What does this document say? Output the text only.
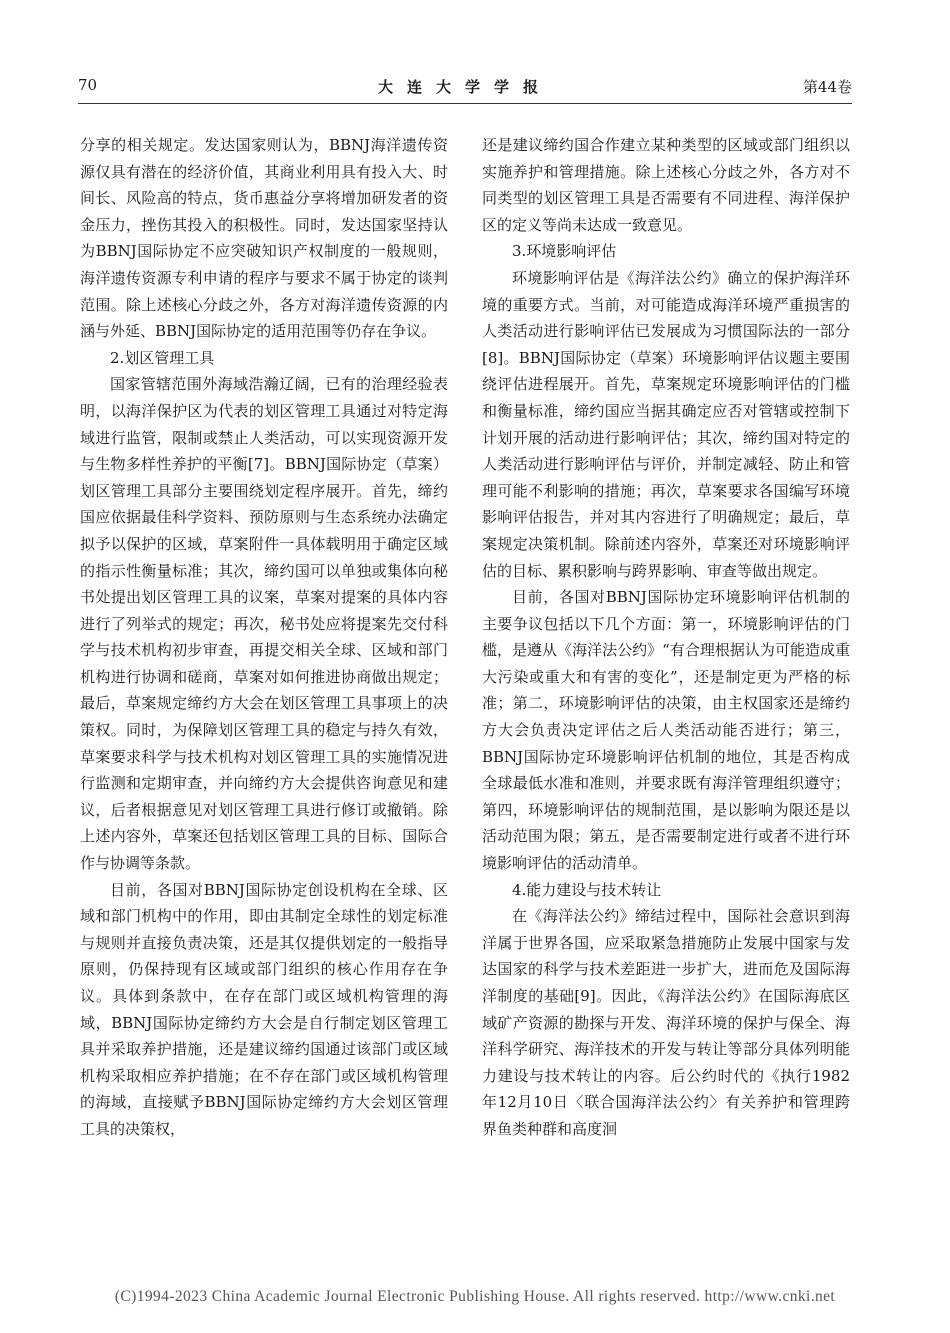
70	大连大学学报	第44卷

分享的相关规定。发达国家则认为，BBNJ海洋遗传资源仅具有潜在的经济价值，其商业利用具有投入大、时间长、风险高的特点，货币惠益分享将增加研发者的资金压力，挫伤其投入的积极性。同时，发达国家坚持认为BBNJ国际协定不应突破知识产权制度的一般规则，海洋遗传资源专利申请的程序与要求不属于协定的谈判范围。除上述核心分歧之外，各方对海洋遗传资源的内涵与外延、BBNJ国际协定的适用范围等仍存在争议。

2.划区管理工具

国家管辖范围外海域浩瀚辽阔，已有的治理经验表明，以海洋保护区为代表的划区管理工具通过对特定海域进行监管，限制或禁止人类活动，可以实现资源开发与生物多样性养护的平衡[7]。BBNJ国际协定（草案）划区管理工具部分主要围绕划定程序展开。首先，缔约国应依据最佳科学资料、预防原则与生态系统办法确定拟予以保护的区域，草案附件一具体载明用于确定区域的指示性衡量标准；其次，缔约国可以单独或集体向秘书处提出划区管理工具的议案，草案对提案的具体内容进行了列举式的规定；再次，秘书处应将提案先交付科学与技术机构初步审查，再提交相关全球、区域和部门机构进行协调和磋商，草案对如何推进协商做出规定；最后，草案规定缔约方大会在划区管理工具事项上的决策权。同时，为保障划区管理工具的稳定与持久有效，草案要求科学与技术机构对划区管理工具的实施情况进行监测和定期审查，并向缔约方大会提供咨询意见和建议，后者根据意见对划区管理工具进行修订或撤销。除上述内容外，草案还包括划区管理工具的目标、国际合作与协调等条款。

目前，各国对BBNJ国际协定创设机构在全球、区域和部门机构中的作用，即由其制定全球性的划定标准与规则并直接负责决策，还是其仅提供划定的一般指导原则，仍保持现有区域或部门组织的核心作用存在争议。具体到条款中，在存在部门或区域机构管理的海域，BBNJ国际协定缔约方大会是自行制定划区管理工具并采取养护措施，还是建议缔约国通过该部门或区域机构采取相应养护措施；在不存在部门或区域机构管理的海域，直接赋予BBNJ国际协定缔约方大会划区管理工具的决策权，

还是建议缔约国合作建立某种类型的区域或部门组织以实施养护和管理措施。除上述核心分歧之外，各方对不同类型的划区管理工具是否需要有不同进程、海洋保护区的定义等尚未达成一致意见。

3.环境影响评估

环境影响评估是《海洋法公约》确立的保护海洋环境的重要方式。当前，对可能造成海洋环境严重损害的人类活动进行影响评估已发展成为习惯国际法的一部分[8]。BBNJ国际协定（草案）环境影响评估议题主要围绕评估进程展开。首先，草案规定环境影响评估的门槛和衡量标准，缔约国应当据其确定应否对管辖或控制下计划开展的活动进行影响评估；其次，缔约国对特定的人类活动进行影响评估与评价，并制定减轻、防止和管理可能不利影响的措施；再次，草案要求各国编写环境影响评估报告，并对其内容进行了明确规定；最后，草案规定决策机制。除前述内容外，草案还对环境影响评估的目标、累积影响与跨界影响、审查等做出规定。

目前，各国对BBNJ国际协定环境影响评估机制的主要争议包括以下几个方面：第一，环境影响评估的门槛，是遵从《海洋法公约》“有合理根据认为可能造成重大污染或重大和有害的变化”，还是制定更为严格的标准；第二，环境影响评估的决策，由主权国家还是缔约方大会负责决定评估之后人类活动能否进行；第三，BBNJ国际协定环境影响评估机制的地位，其是否构成全球最低水准和准则，并要求既有海洋管理组织遵守；第四，环境影响评估的规制范围，是以影响为限还是以活动范围为限；第五，是否需要制定进行或者不进行环境影响评估的活动清单。

4.能力建设与技术转让

在《海洋法公约》缔结过程中，国际社会意识到海洋属于世界各国，应采取紧急措施防止发展中国家与发达国家的科学与技术差距进一步扩大，进而危及国际海洋制度的基础[9]。因此，《海洋法公约》在国际海底区域矿产资源的勘探与开发、海洋环境的保护与保全、海洋科学研究、海洋技术的开发与转让等部分具体列明能力建设与技术转让的内容。后公约时代的《执行1982年12月10日〈联合国海洋法公约〉有关养护和管理跨界鱼类种群和高度洄

(C)1994-2023 China Academic Journal Electronic Publishing House. All rights reserved. http://www.cnki.net
